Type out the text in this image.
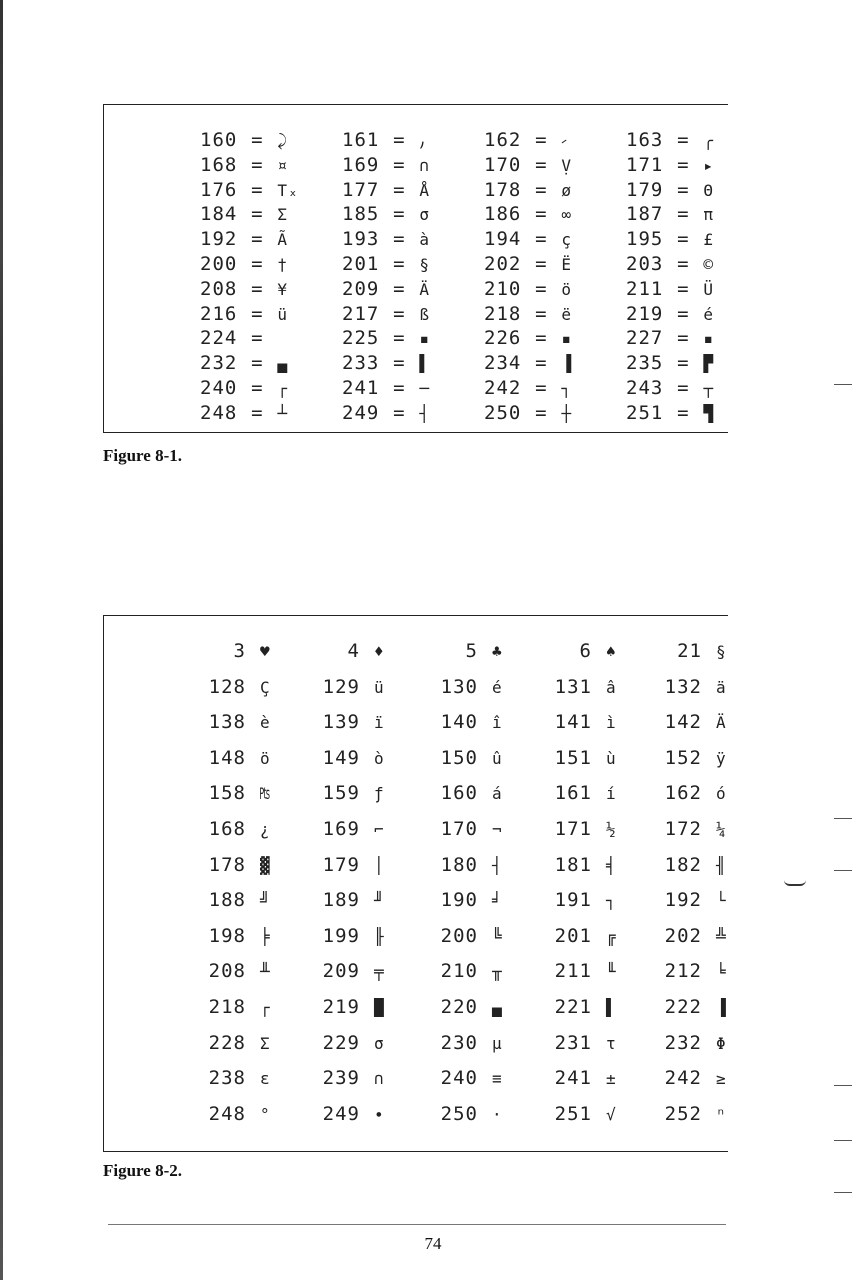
160 = ⤸	161 = ⹜	162 = ⹝	163 = ╭
168 = ¤	169 = ∩	170 = Ṿ	171 = ▸
176 = Tₓ 177 = Å	178 = ø	179 = Θ
184 = Σ	185 = σ	186 = ∞	187 = π
192 = Ã	193 = à	194 = ç	195 = £
200 = †	201 = §	202 = Ë	203 = ©
208 = ¥	209 = Ä	210 = ö	211 = Ü
216 = ü	217 = ß	218 = ë	219 = é
224 =	225 = ▪	226 = ▪	227 = ▪
232 = ▄	233 = ▌	234 = ▐	235 = ▛
240 = ┌	241 = ─	242 = ┐	243 = ┬
248 = ┴	249 = ┤	250 = ┼	251 = ▜
Figure 8-1.
3 ♥	4 ♦	5 ♣	6 ♠	21 §
128 Ç	129 ü	130 é	131 â	132 ä
138 è	139 ï	140 î	141 ì	142 Ä
148 ö	149 ò	150 û	151 ù	152 ÿ
158 ₧	159 ƒ	160 á	161 í	162 ó
168 ¿	169 ⌐	170 ¬	171 ½	172 ¼
178 ▓	179 │	180 ┤	181 ╡	182 ╢
188 ╝	189 ╜	190 ╛	191 ┐	192 └
198 ╞	199 ╟	200 ╚	201 ╔	202 ╩
208 ╨	209 ╤	210 ╥	211 ╙	212 ╘
218 ┌	219 █	220 ▄	221 ▌	222 ▐
228 Σ	229 σ	230 µ	231 τ	232 Φ
238 ε	239 ∩	240 ≡	241 ±	242 ≥
248 °	249 ∙	250 ·	251 √	252 ⁿ
Figure 8-2.
74
